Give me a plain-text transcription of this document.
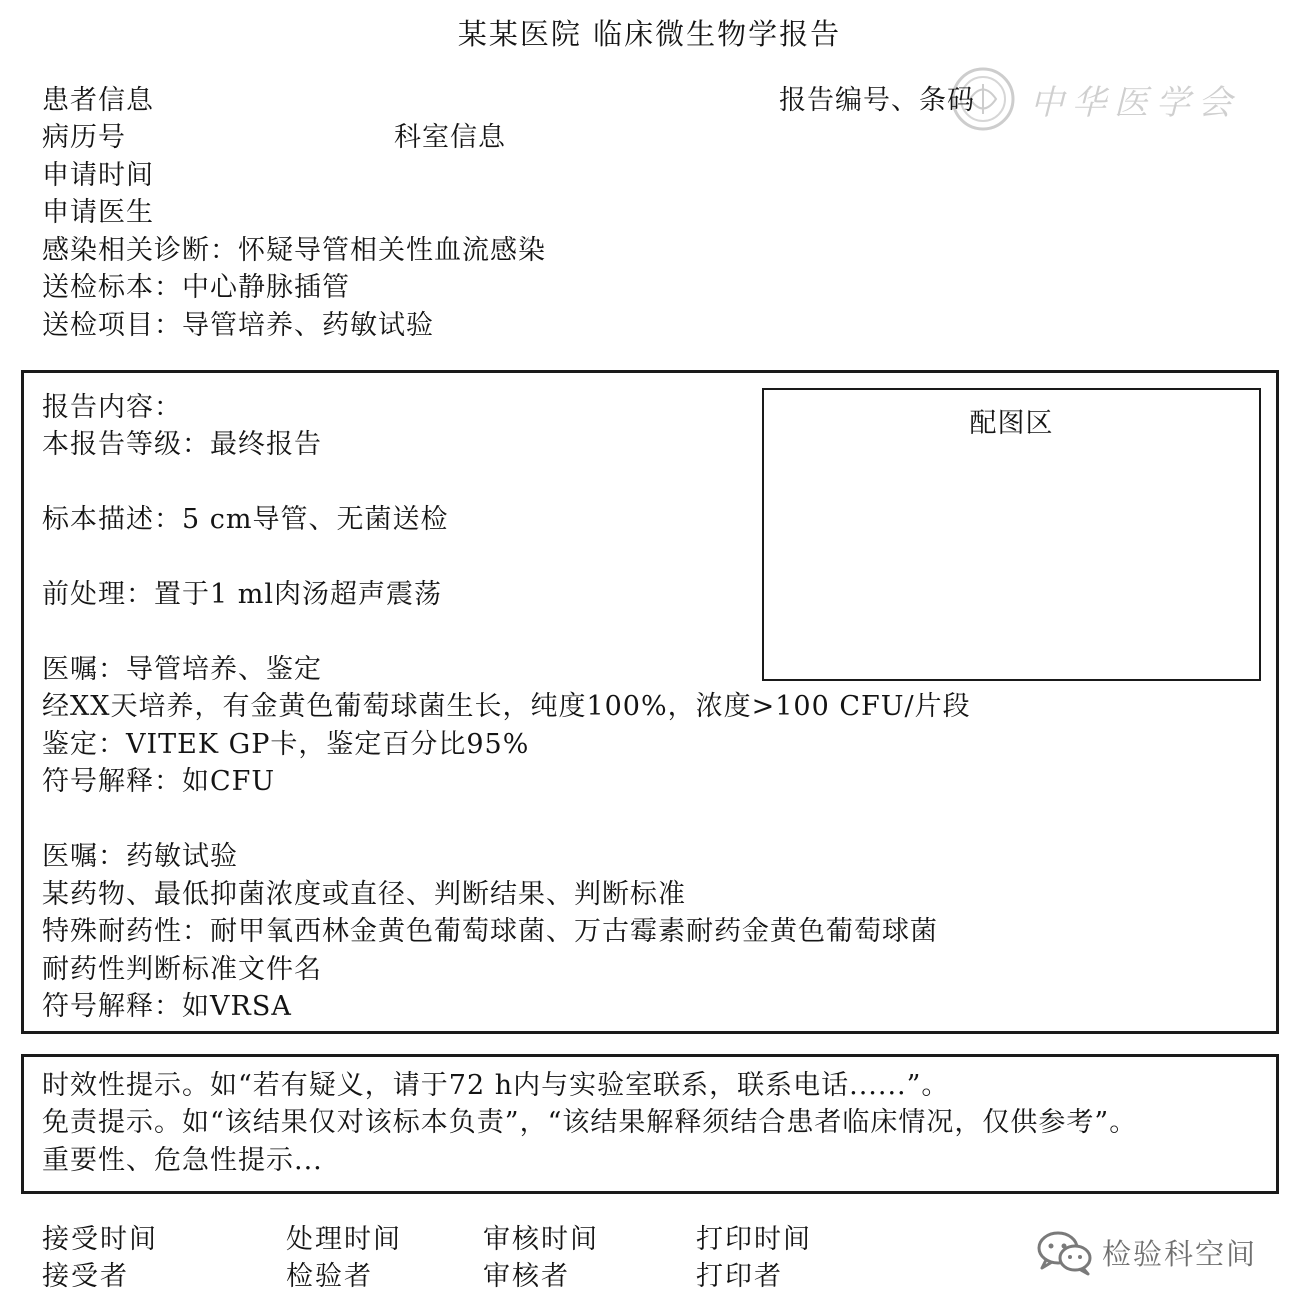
某某医院 临床微生物学报告
中华医学会
患者信息	报告编号、条码
病历号	科室信息
申请时间
申请医生
感染相关诊断：怀疑导管相关性血流感染
送检标本：中心静脉插管
送检项目：导管培养、药敏试验
配图区
报告内容：
本报告等级：最终报告
标本描述：5 cm导管、无菌送检
前处理：置于1 ml肉汤超声震荡
医嘱：导管培养、鉴定
经XX天培养，有金黄色葡萄球菌生长，纯度100%，浓度>100 CFU/片段
鉴定：VITEK GP卡，鉴定百分比95%
符号解释：如CFU
医嘱：药敏试验
某药物、最低抑菌浓度或直径、判断结果、判断标准
特殊耐药性：耐甲氧西林金黄色葡萄球菌、万古霉素耐药金黄色葡萄球菌
耐药性判断标准文件名
符号解释：如VRSA
时效性提示。如“若有疑义，请于72 h内与实验室联系，联系电话......”。
免责提示。如“该结果仅对该标本负责”，“该结果解释须结合患者临床情况，仅供参考”。
重要性、危急性提示...
接受时间	处理时间	审核时间	打印时间
接受者	检验者	审核者	打印者
检验科空间
